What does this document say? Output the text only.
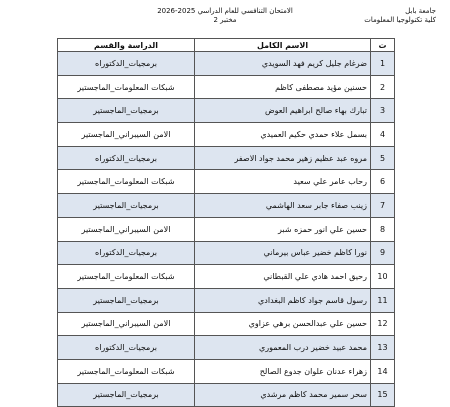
جامعة بابل
كلية تكنولوجيا المعلومات
الامتحان التنافسي للعام الدراسي 2025-2026
مختبر 2
ت	الاسم الكامل	الدراسة والقسم
1	ضرغام جليل كريم فهد السويدي	برمجيات_الدكتوراه
2	حسنين مؤيد مصطفى كاظم	شبكات المعلومات_الماجستير
3	تبارك بهاء صالح ابراهيم العوض	برمجيات_الماجستير
4	بسمل علاء حمدي حكيم العميدي	الامن السيبراني_الماجستير
5	مروه عبد عظيم زهير محمد جواد الاصفر	برمجيات_الدكتوراه
6	رحاب عامر علي سعيد	شبكات المعلومات_الماجستير
7	زينب صفاء جابر سعد الهاشمي	برمجيات_الماجستير
8	حسين علي انور حمزه شبر	الامن السيبراني_الماجستير
9	نورا كاظم خضير عباس بيرماني	برمجيات_الدكتوراه
10	رحيق احمد هادي علي القبطاني	شبكات المعلومات_الماجستير
11	رسول قاسم جواد كاظم البغدادي	برمجيات_الماجستير
12	حسين علي عبدالحسن برهي عزاوي	الامن السيبراني_الماجستير
13	محمد عبيد خضير درب المعموري	برمجيات_الدكتوراه
14	زهراء عدنان علوان جدوع الصالح	شبكات المعلومات_الماجستير
15	سحر سمير محمد كاظم مرشدي	برمجيات_الماجستير
